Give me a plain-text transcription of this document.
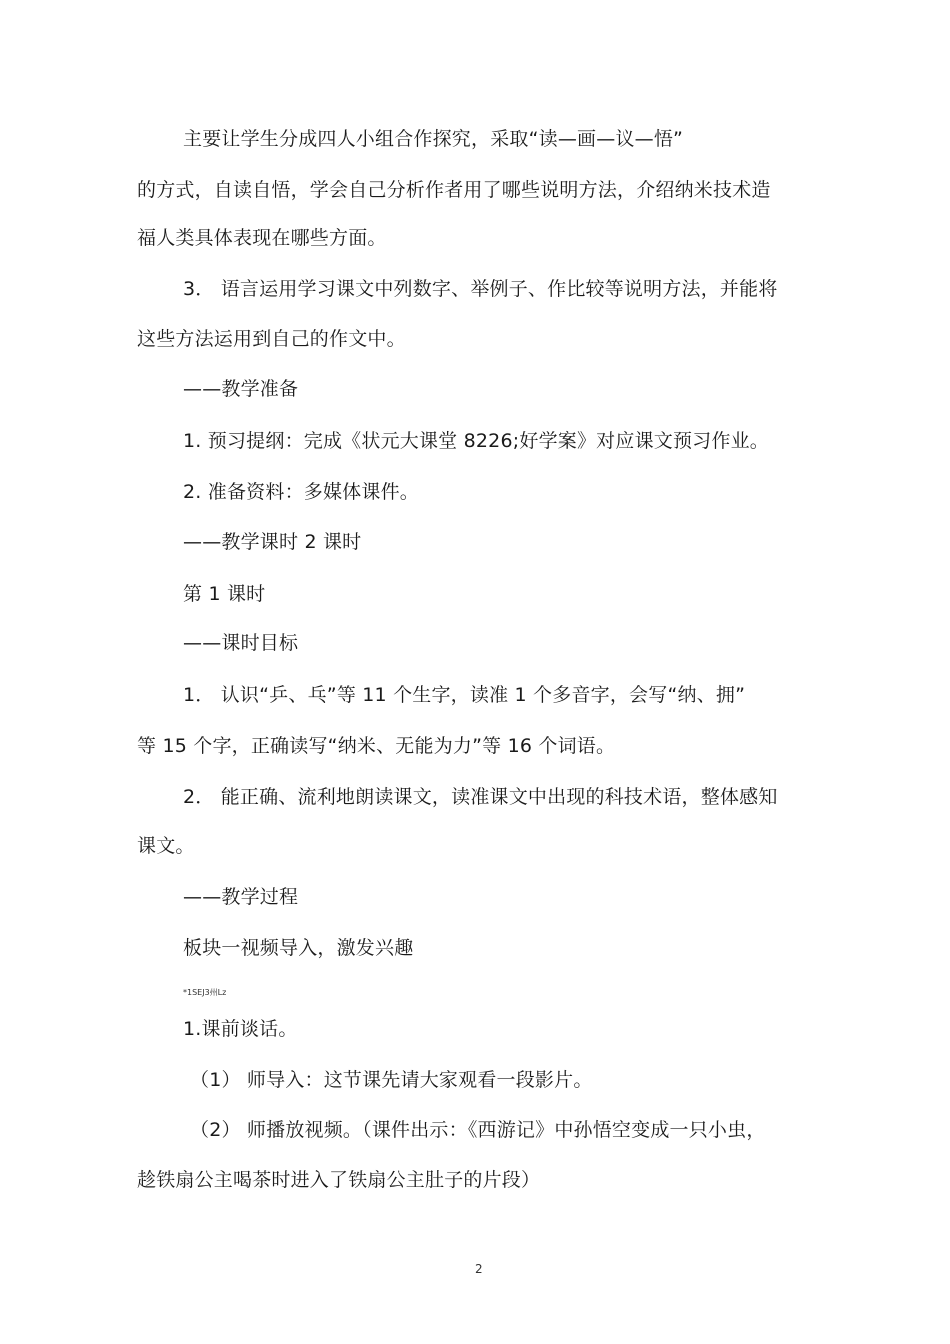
主要让学生分成四人小组合作探究，采取“读—画—议—悟”
的方式，自读自悟，学会自己分析作者用了哪些说明方法，介绍纳米技术造
福人类具体表现在哪些方面。
3． 语言运用学习课文中列数字、举例子、作比较等说明方法，并能将
这些方法运用到自己的作文中。
——教学准备
1. 预习提纲：完成《状元大课堂 8226;好学案》对应课文预习作业。
2. 准备资料：多媒体课件。
——教学课时 2 课时
第 1 课时
——课时目标
1． 认识“乒、乓”等 11 个生字，读准 1 个多音字，会写“纳、拥”
等 15 个字，正确读写“纳米、无能为力”等 16 个词语。
2． 能正确、流利地朗读课文，读准课文中出现的科技术语，整体感知
课文。
——教学过程
板块一视频导入，激发兴趣
*1SEJ3州Lz
1.课前谈话。
（1） 师导入：这节课先请大家观看一段影片。
（2） 师播放视频。（课件出示：《西游记》中孙悟空变成一只小虫，
趁铁扇公主喝茶时进入了铁扇公主肚子的片段）
2
